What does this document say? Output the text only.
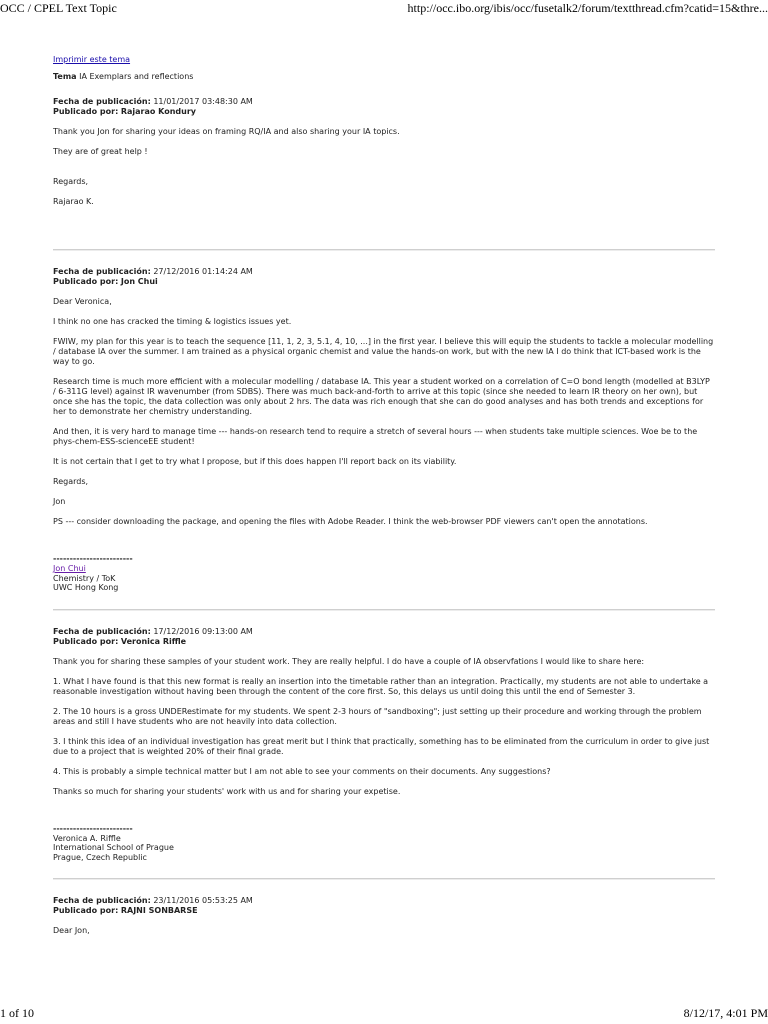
OCC / CPEL Text Topic	http://occ.ibo.org/ibis/occ/fusetalk2/forum/textthread.cfm?catid=15&thre...
Imprimir este tema
Tema IA Exemplars and reflections
Fecha de publicación: 11/01/2017 03:48:30 AM
Publicado por: Rajarao Kondury

Thank you Jon for sharing your ideas on framing RQ/IA and also sharing your IA topics.

They are of great help !

Regards,

Rajarao K.

Fecha de publicación: 27/12/2016 01:14:24 AM
Publicado por: Jon Chui

Dear Veronica,

I think no one has cracked the timing & logistics issues yet.

FWIW, my plan for this year is to teach the sequence [11, 1, 2, 3, 5.1, 4, 10, ...] in the first year. I believe this will equip the students to tackle a molecular modelling / database IA over the summer. I am trained as a physical organic chemist and value the hands-on work, but with the new IA I do think that ICT-based work is the way to go.

Research time is much more efficient with a molecular modelling / database IA. This year a student worked on a correlation of C=O bond length (modelled at B3LYP / 6-311G level) against IR wavenumber (from SDBS). There was much back-and-forth to arrive at this topic (since she needed to learn IR theory on her own), but once she has the topic, the data collection was only about 2 hrs. The data was rich enough that she can do good analyses and has both trends and exceptions for her to demonstrate her chemistry understanding.

And then, it is very hard to manage time --- hands-on research tend to require a stretch of several hours --- when students take multiple sciences. Woe be to the phys-chem-ESS-scienceEE student!

It is not certain that I get to try what I propose, but if this does happen I'll report back on its viability.

Regards,

Jon

PS --- consider downloading the package, and opening the files with Adobe Reader. I think the web-browser PDF viewers can't open the annotations.

------------------------
Jon Chui
Chemistry / ToK
UWC Hong Kong
Fecha de publicación: 17/12/2016 09:13:00 AM
Publicado por: Veronica Riffle

Thank you for sharing these samples of your student work. They are really helpful. I do have a couple of IA observfations I would like to share here:

1. What I have found is that this new format is really an insertion into the timetable rather than an integration. Practically, my students are not able to undertake a reasonable investigation without having been through the content of the core first. So, this delays us until doing this until the end of Semester 3.

2. The 10 hours is a gross UNDERestimate for my students. We spent 2-3 hours of "sandboxing"; just setting up their procedure and working through the problem areas and still I have students who are not heavily into data collection.

3. I think this idea of an individual investigation has great merit but I think that practically, something has to be eliminated from the curriculum in order to give just due to a project that is weighted 20% of their final grade.

4. This is probably a simple technical matter but I am not able to see your comments on their documents. Any suggestions?

Thanks so much for sharing your students' work with us and for sharing your expetise.

------------------------
Veronica A. Riffle
International School of Prague
Prague, Czech Republic
Fecha de publicación: 23/11/2016 05:53:25 AM
Publicado por: RAJNI SONBARSE

Dear Jon,

1 of 10	8/12/17, 4:01 PM
